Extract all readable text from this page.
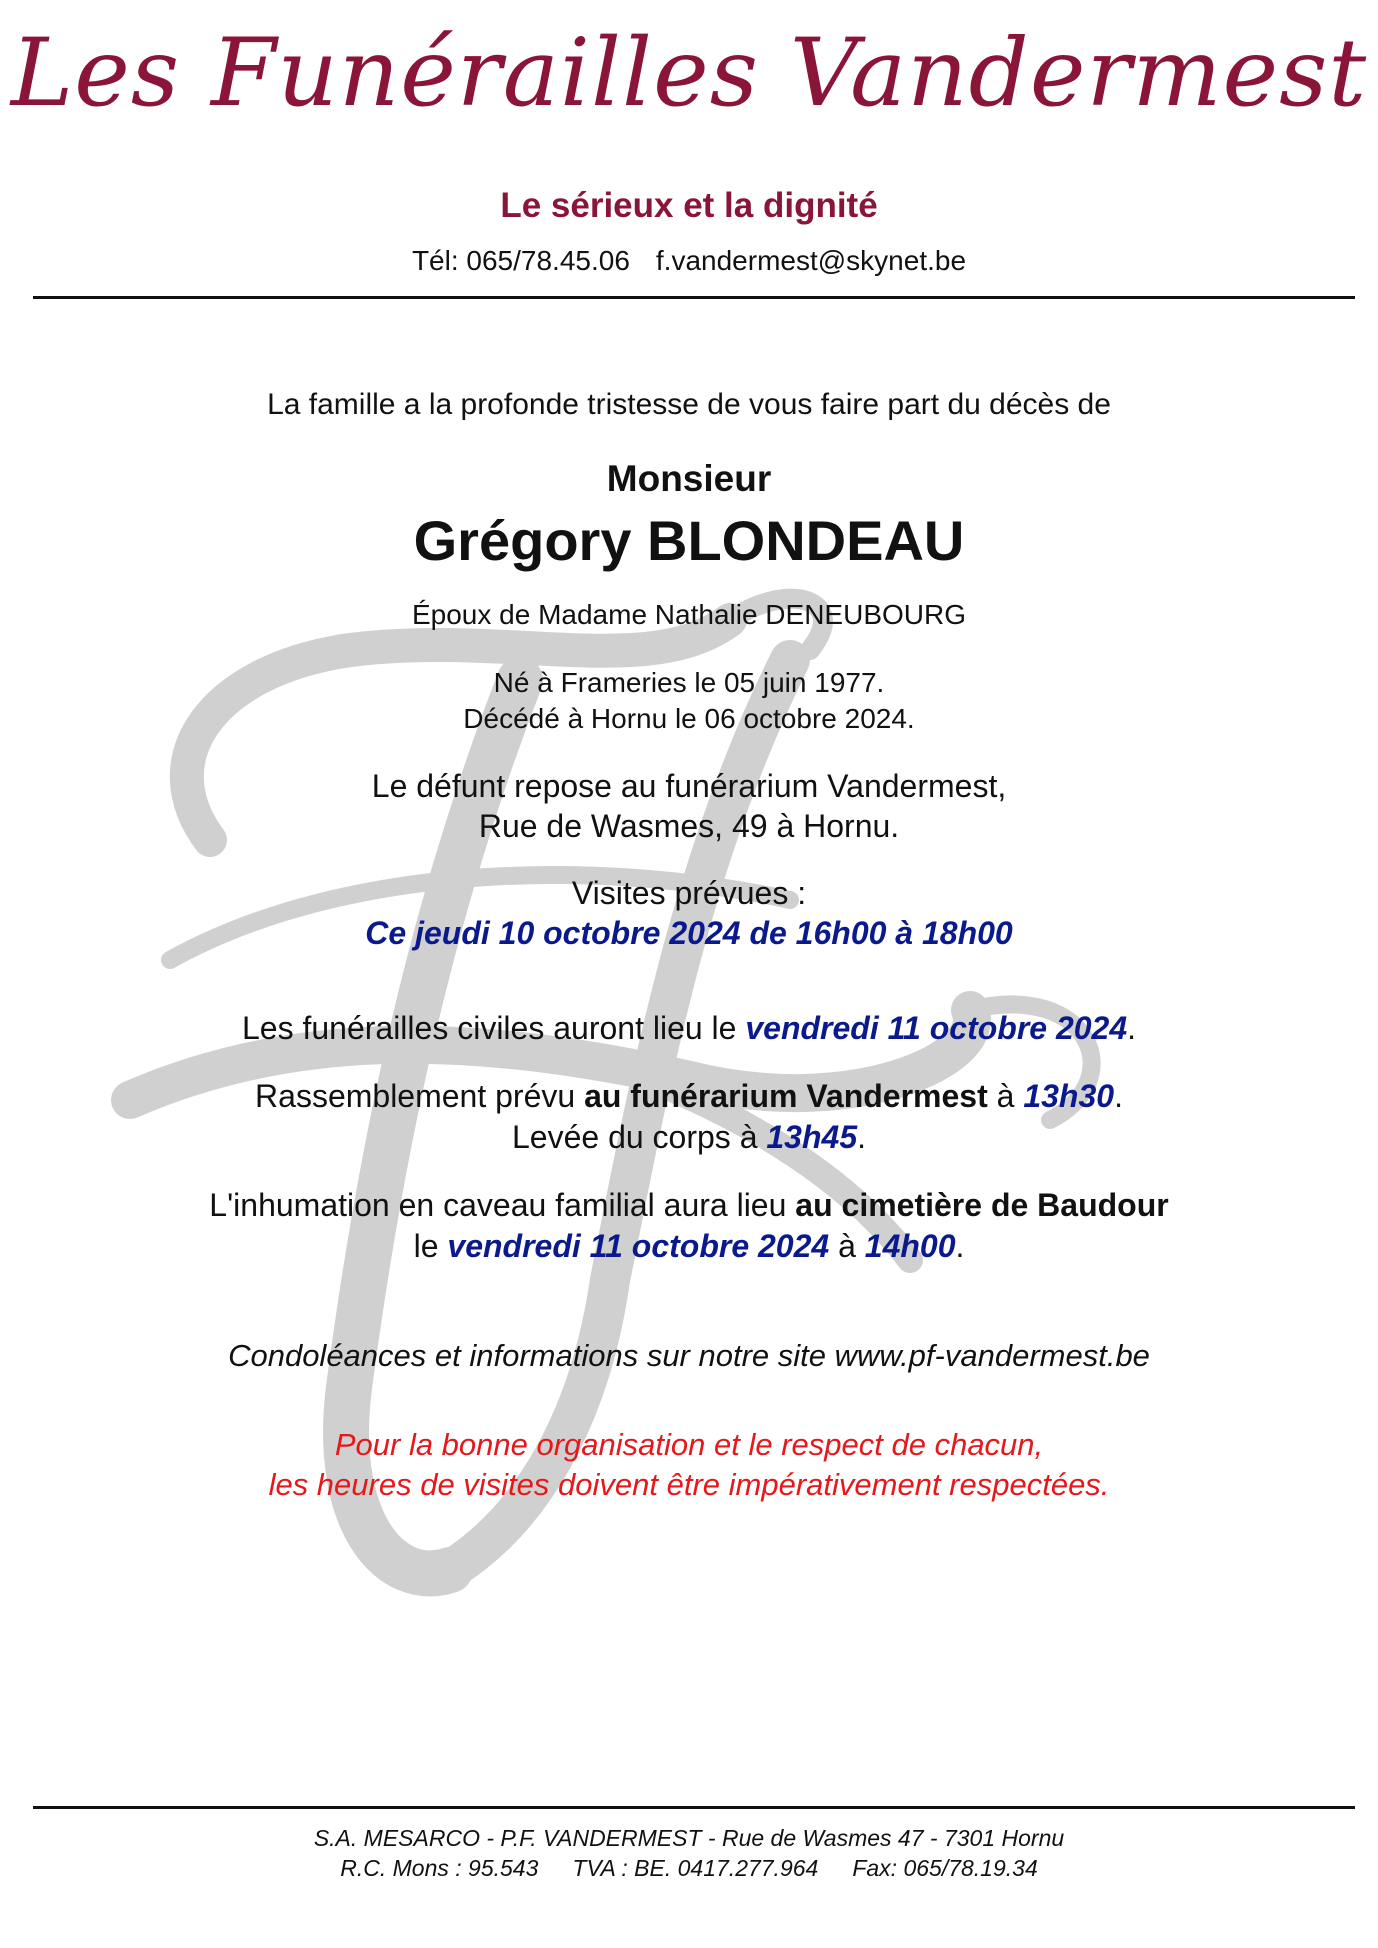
Les Funérailles Vandermest
Le sérieux et la dignité
Tél: 065/78.45.06 f.vandermest@skynet.be
La famille a la profonde tristesse de vous faire part du décès de
Monsieur
Grégory BLONDEAU
Époux de Madame Nathalie DENEUBOURG
Né à Frameries le 05 juin 1977.
Décédé à Hornu le 06 octobre 2024.
Le défunt repose au funérarium Vandermest,
Rue de Wasmes, 49 à Hornu.
Visites prévues :
Ce jeudi 10 octobre 2024 de 16h00 à 18h00
Les funérailles civiles auront lieu le vendredi 11 octobre 2024.
Rassemblement prévu au funérarium Vandermest à 13h30.
Levée du corps à 13h45.
L'inhumation en caveau familial aura lieu au cimetière de Baudour
le vendredi 11 octobre 2024 à 14h00.
Condoléances et informations sur notre site www.pf-vandermest.be
Pour la bonne organisation et le respect de chacun,
les heures de visites doivent être impérativement respectées.
S.A. MESARCO - P.F. VANDERMEST - Rue de Wasmes 47 - 7301 Hornu
R.C. Mons : 95.543 TVA : BE. 0417.277.964 Fax: 065/78.19.34
